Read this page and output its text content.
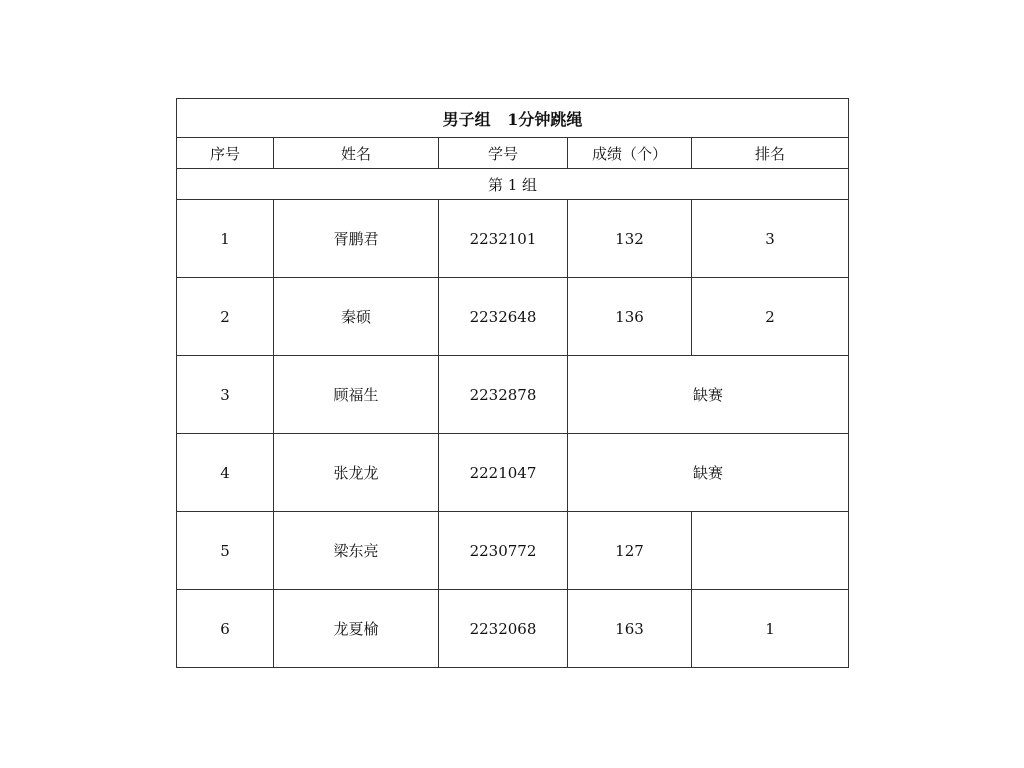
男子组   1分钟跳绳				
序号	姓名	学号	成绩（个）	排名
第 1 组				
1	胥鹏君	2232101	132	3
2	秦硕	2232648	136	2
3	顾福生	2232878	缺赛	
4	张龙龙	2221047	缺赛	
5	梁东亮	2230772	127	
6	龙夏榆	2232068	163	1
